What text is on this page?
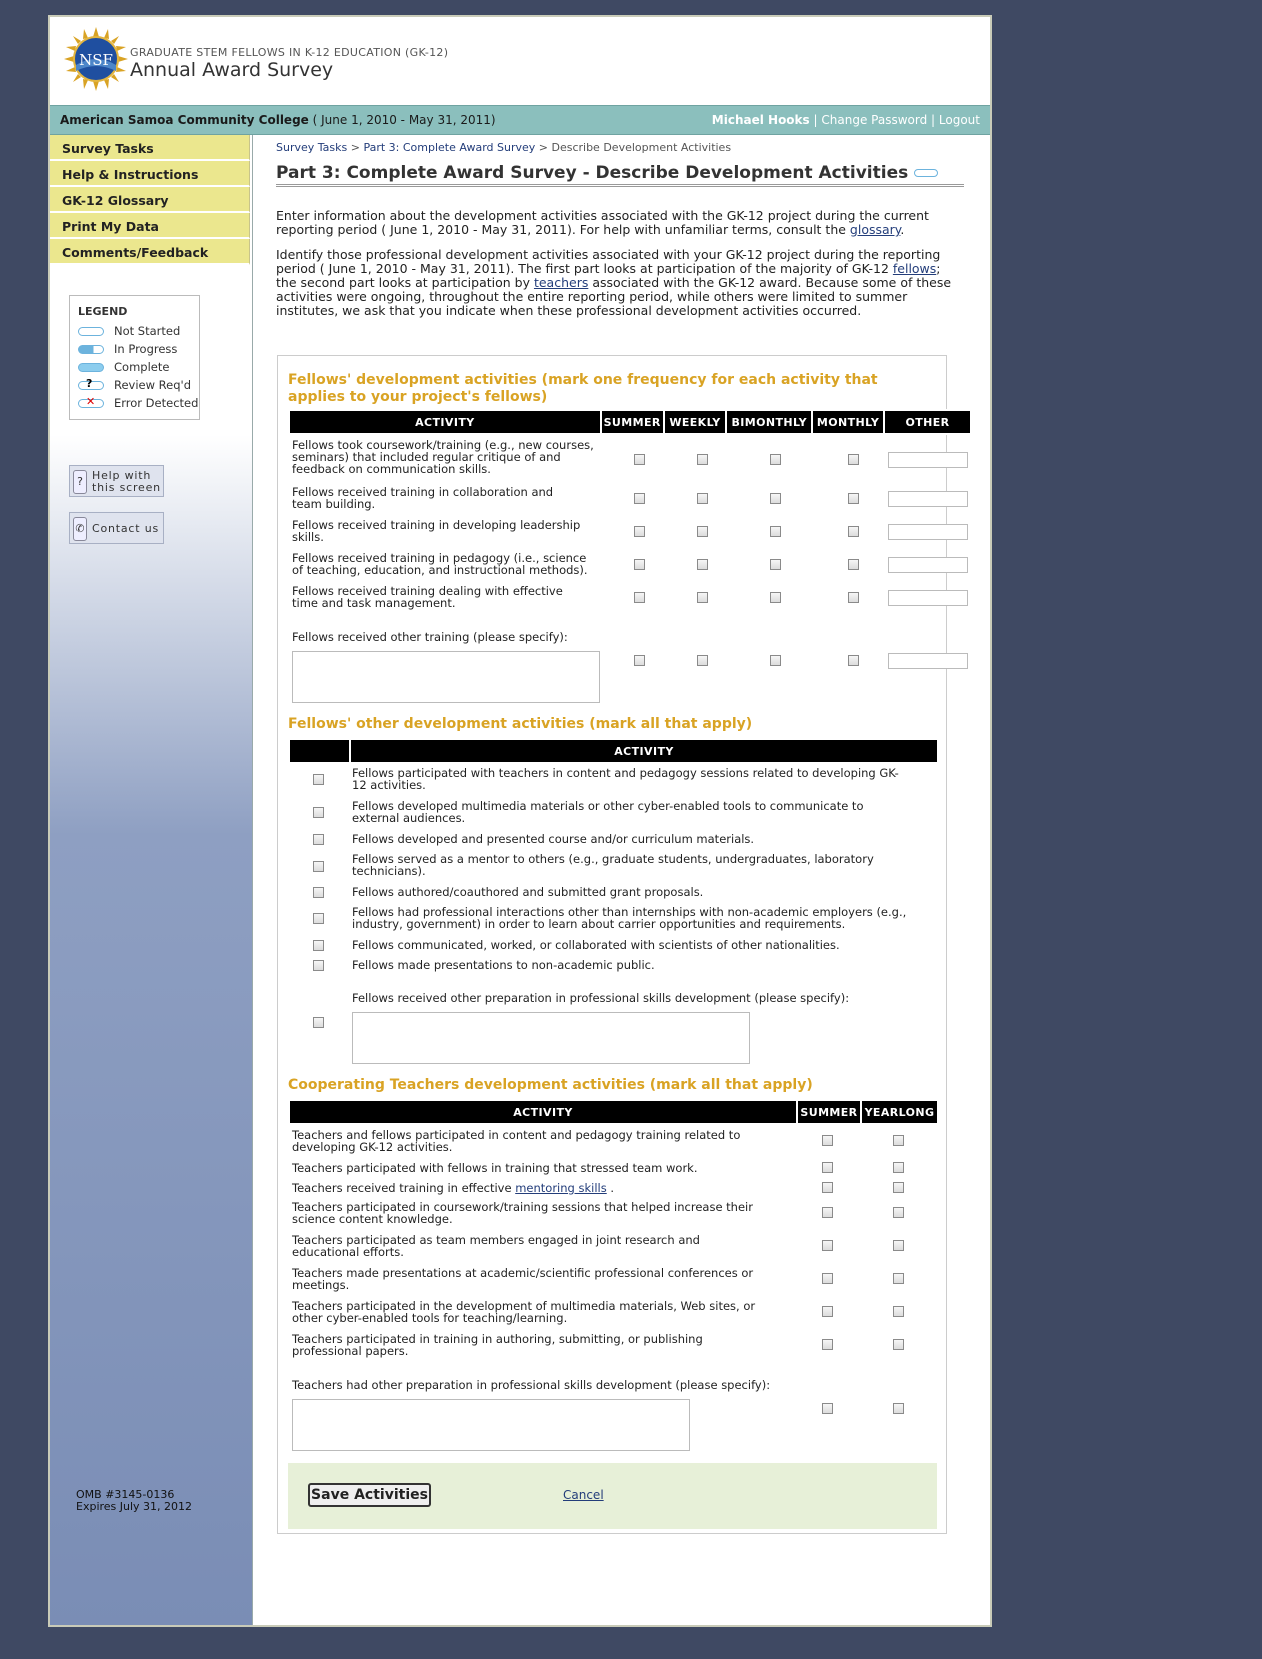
NSF GRADUATE STEM FELLOWS IN K-12 EDUCATION (GK-12)
Annual Award Survey
American Samoa Community College ( June 1, 2010 - May 31, 2011)	Michael Hooks | Change Password | Logout
Survey Tasks
Help & Instructions
GK-12 Glossary
Print My Data
Comments/Feedback
LEGEND
Not Started
In Progress
Complete
? Review Req'd
✕ Error Detected
? Help with
this screen
✆ Contact us
OMB #3145-0136
Expires July 31, 2012
Survey Tasks > Part 3: Complete Award Survey > Describe Development Activities
Part 3: Complete Award Survey - Describe Development Activities
Enter information about the development activities associated with the GK-12 project during the current reporting period ( June 1, 2010 - May 31, 2011). For help with unfamiliar terms, consult the glossary.
Identify those professional development activities associated with your GK-12 project during the reporting period ( June 1, 2010 - May 31, 2011). The first part looks at participation of the majority of GK-12 fellows; the second part looks at participation by teachers associated with the GK-12 award. Because some of these activities were ongoing, throughout the entire reporting period, while others were limited to summer institutes, we ask that you indicate when these professional development activities occurred.
Fellows' development activities (mark one frequency for each activity that applies to your project's fellows)
ACTIVITY	SUMMER	WEEKLY	BIMONTHLY	MONTHLY	OTHER
Fellows took coursework/training (e.g., new courses, seminars) that included regular critique of and feedback on communication skills.
Fellows received training in collaboration and team building.
Fellows received training in developing leadership skills.
Fellows received training in pedagogy (i.e., science of teaching, education, and instructional methods).
Fellows received training dealing with effective time and task management.
Fellows received other training (please specify):
Fellows' other development activities (mark all that apply)
	ACTIVITY
Fellows participated with teachers in content and pedagogy sessions related to developing GK-12 activities.
Fellows developed multimedia materials or other cyber-enabled tools to communicate to external audiences.
Fellows developed and presented course and/or curriculum materials.
Fellows served as a mentor to others (e.g., graduate students, undergraduates, laboratory technicians).
Fellows authored/coauthored and submitted grant proposals.
Fellows had professional interactions other than internships with non-academic employers (e.g., industry, government) in order to learn about carrier opportunities and requirements.
Fellows communicated, worked, or collaborated with scientists of other nationalities.
Fellows made presentations to non-academic public.
Fellows received other preparation in professional skills development (please specify):
Cooperating Teachers development activities (mark all that apply)
ACTIVITY	SUMMER	YEARLONG
Teachers and fellows participated in content and pedagogy training related to developing GK-12 activities.
Teachers participated with fellows in training that stressed team work.
Teachers received training in effective mentoring skills .
Teachers participated in coursework/training sessions that helped increase their science content knowledge.
Teachers participated as team members engaged in joint research and educational efforts.
Teachers made presentations at academic/scientific professional conferences or meetings.
Teachers participated in the development of multimedia materials, Web sites, or other cyber-enabled tools for teaching/learning.
Teachers participated in training in authoring, submitting, or publishing professional papers.
Teachers had other preparation in professional skills development (please specify):
Save Activities	Cancel
